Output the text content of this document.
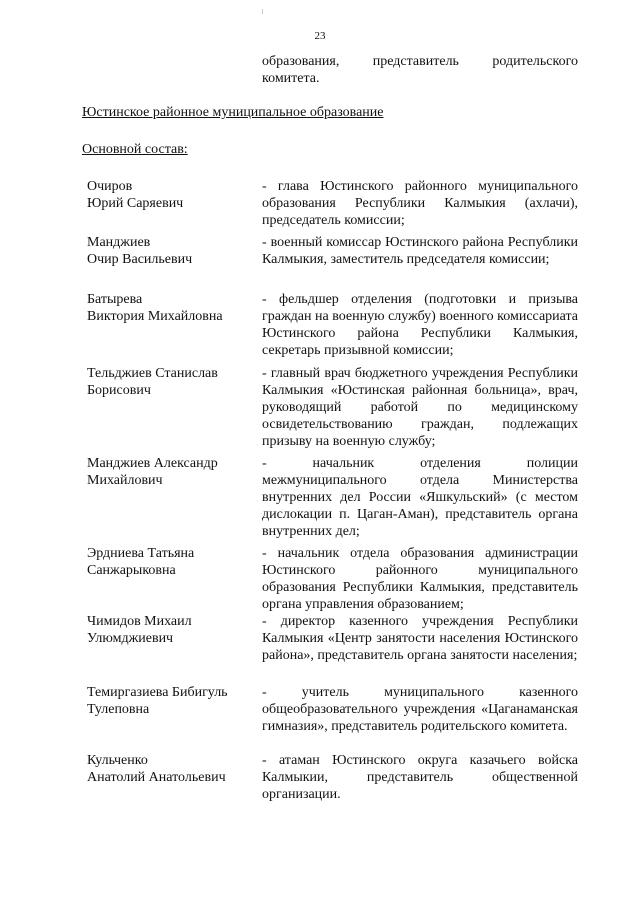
23
образования, представитель родительского комитета.
Юстинское районное муниципальное образование
Основной состав:
Очиров
Юрий Саряевич
- глава Юстинского районного муниципального образования Республики Калмыкия (ахлачи), председатель комиссии;
Манджиев
Очир Васильевич
- военный комиссар Юстинского района Республики Калмыкия, заместитель председателя комиссии;
Батырева
Виктория Михайловна
- фельдшер отделения (подготовки и призыва граждан на военную службу) военного комиссариата Юстинского района Республики Калмыкия, секретарь призывной комиссии;
Тельджиев Станислав
Борисович
- главный врач бюджетного учреждения Республики Калмыкия «Юстинская районная больница», врач, руководящий работой по медицинскому освидетельствованию граждан, подлежащих призыву на военную службу;
Манджиев Александр
Михайлович
- начальник отделения полиции межмуниципального отдела Министерства внутренних дел России «Яшкульский» (с местом дислокации п. Цаган-Аман), представитель органа внутренних дел;
Эрдниева Татьяна
Санжарыковна
- начальник отдела образования администрации Юстинского районного муниципального образования Республики Калмыкия, представитель органа управления образованием;
Чимидов Михаил
Улюмджиевич
- директор казенного учреждения Республики Калмыкия «Центр занятости населения Юстинского района», представитель органа занятости населения;
Темиргазиева Бибигуль
Тулеповна
- учитель муниципального казенного общеобразовательного учреждения «Цаганаманская гимназия», представитель родительского комитета.
Кульченко
Анатолий Анатольевич
- атаман Юстинского округа казачьего войска Калмыкии, представитель общественной организации.
